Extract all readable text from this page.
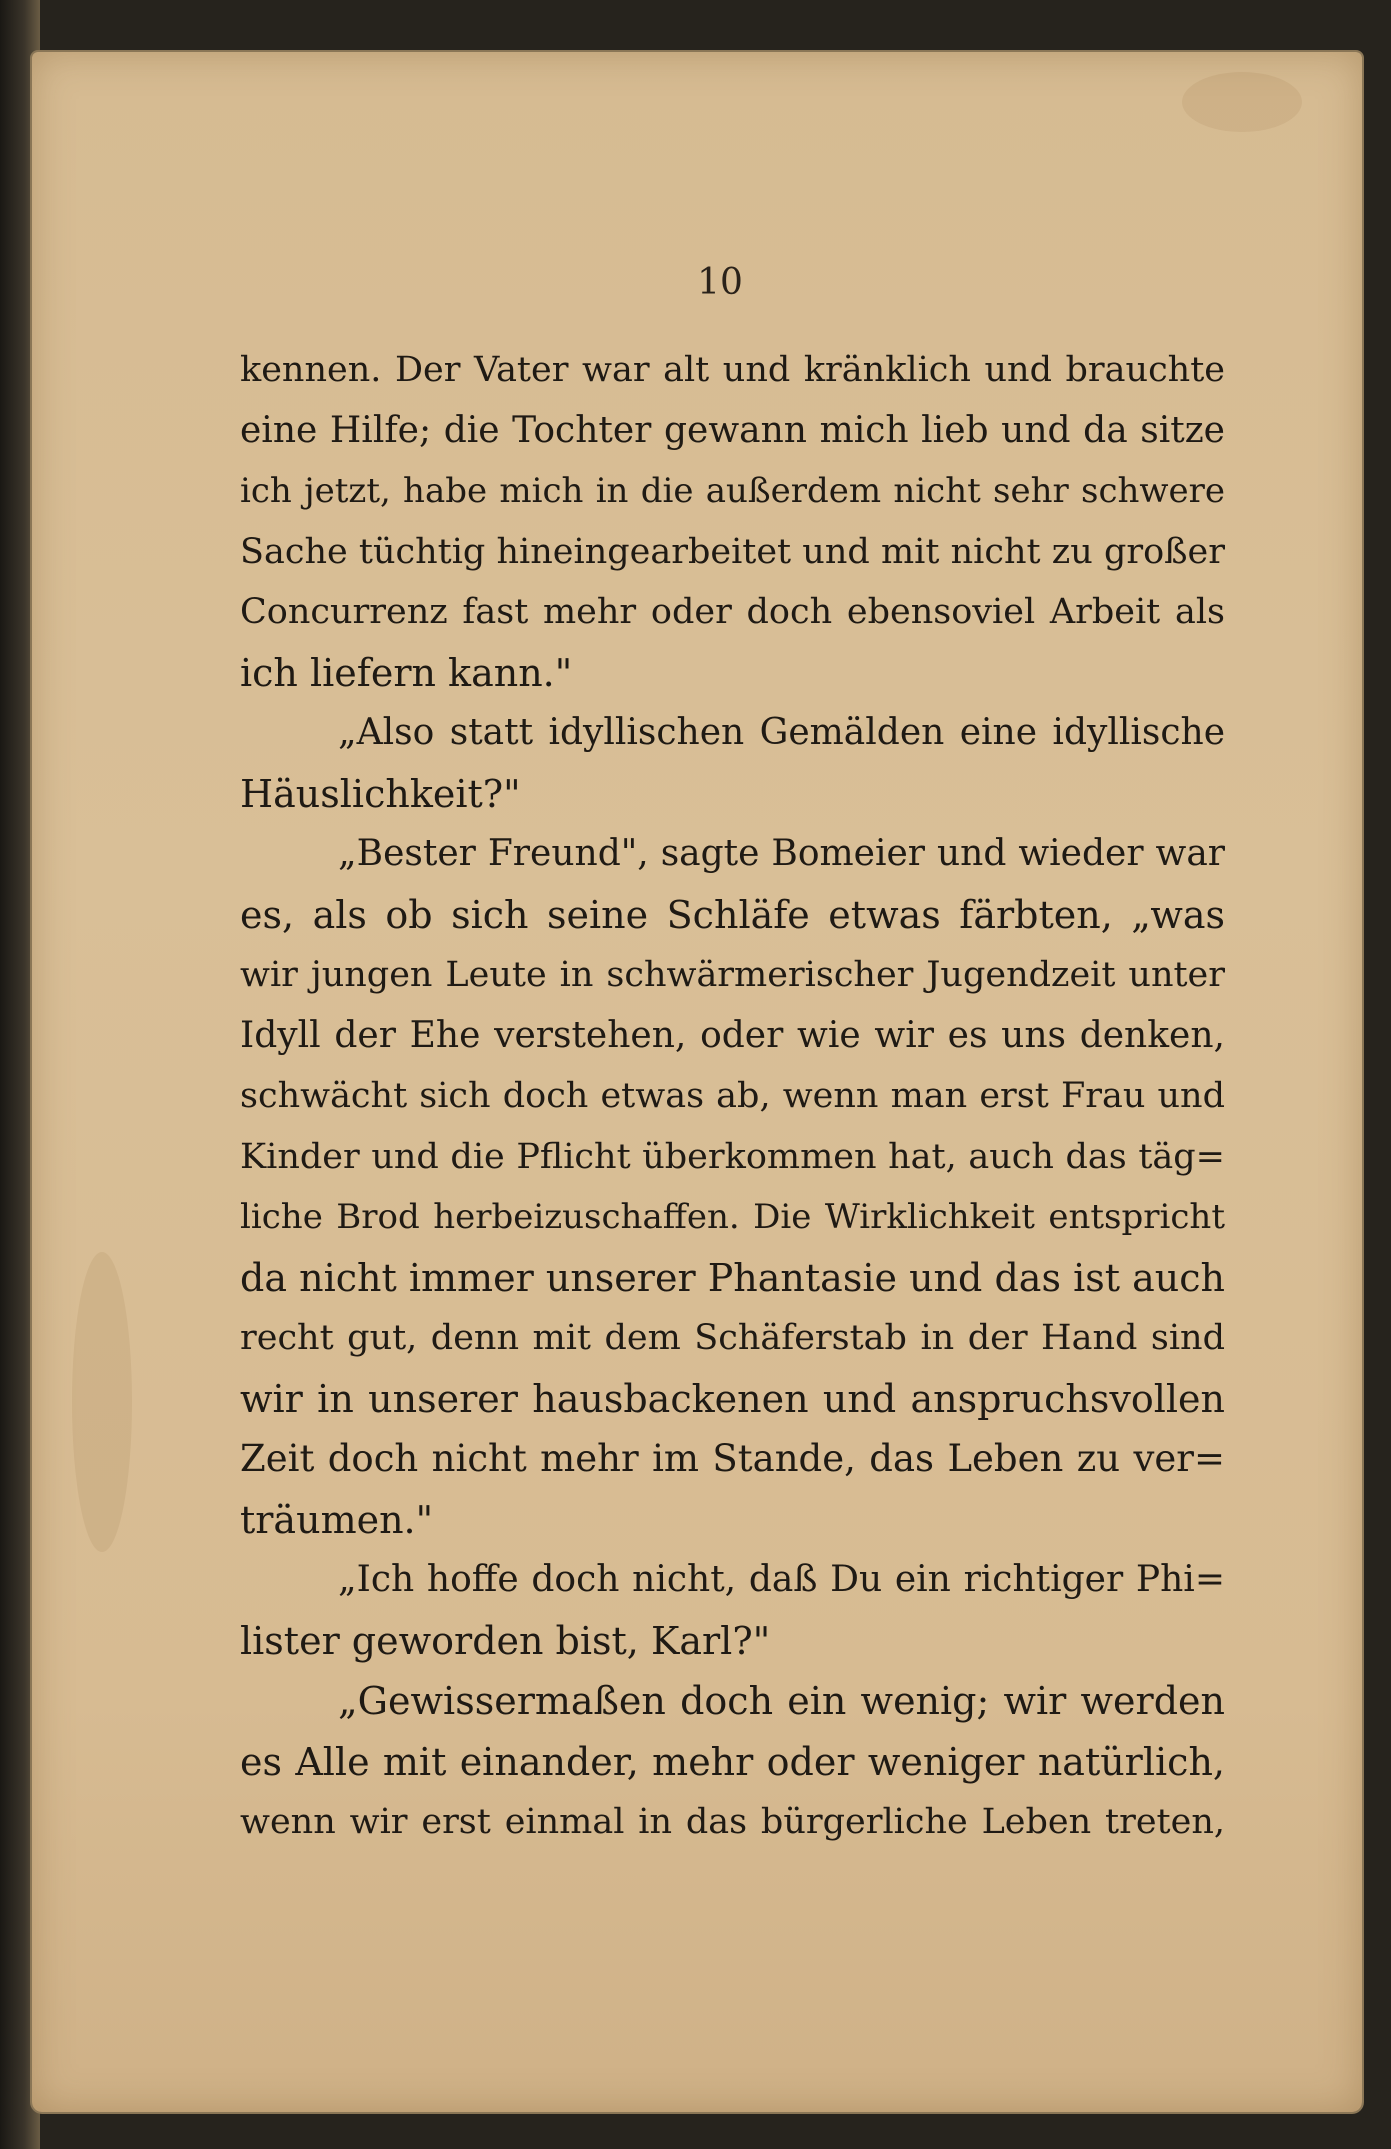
10
kennen. Der Vater war alt und kränklich und brauchte
eine Hilfe; die Tochter gewann mich lieb und da sitze
ich jetzt, habe mich in die außerdem nicht sehr schwere
Sache tüchtig hineingearbeitet und mit nicht zu großer
Concurrenz fast mehr oder doch ebensoviel Arbeit als
ich liefern kann."
„Also statt idyllischen Gemälden eine idyllische
Häuslichkeit?"
„Bester Freund", sagte Bomeier und wieder war
es, als ob sich seine Schläfe etwas färbten, „was
wir jungen Leute in schwärmerischer Jugendzeit unter
Idyll der Ehe verstehen, oder wie wir es uns denken,
schwächt sich doch etwas ab, wenn man erst Frau und
Kinder und die Pflicht überkommen hat, auch das täg=
liche Brod herbeizuschaffen. Die Wirklichkeit entspricht
da nicht immer unserer Phantasie und das ist auch
recht gut, denn mit dem Schäferstab in der Hand sind
wir in unserer hausbackenen und anspruchsvollen
Zeit doch nicht mehr im Stande, das Leben zu ver=
träumen."
„Ich hoffe doch nicht, daß Du ein richtiger Phi=
lister geworden bist, Karl?"
„Gewissermaßen doch ein wenig; wir werden
es Alle mit einander, mehr oder weniger natürlich,
wenn wir erst einmal in das bürgerliche Leben treten,
